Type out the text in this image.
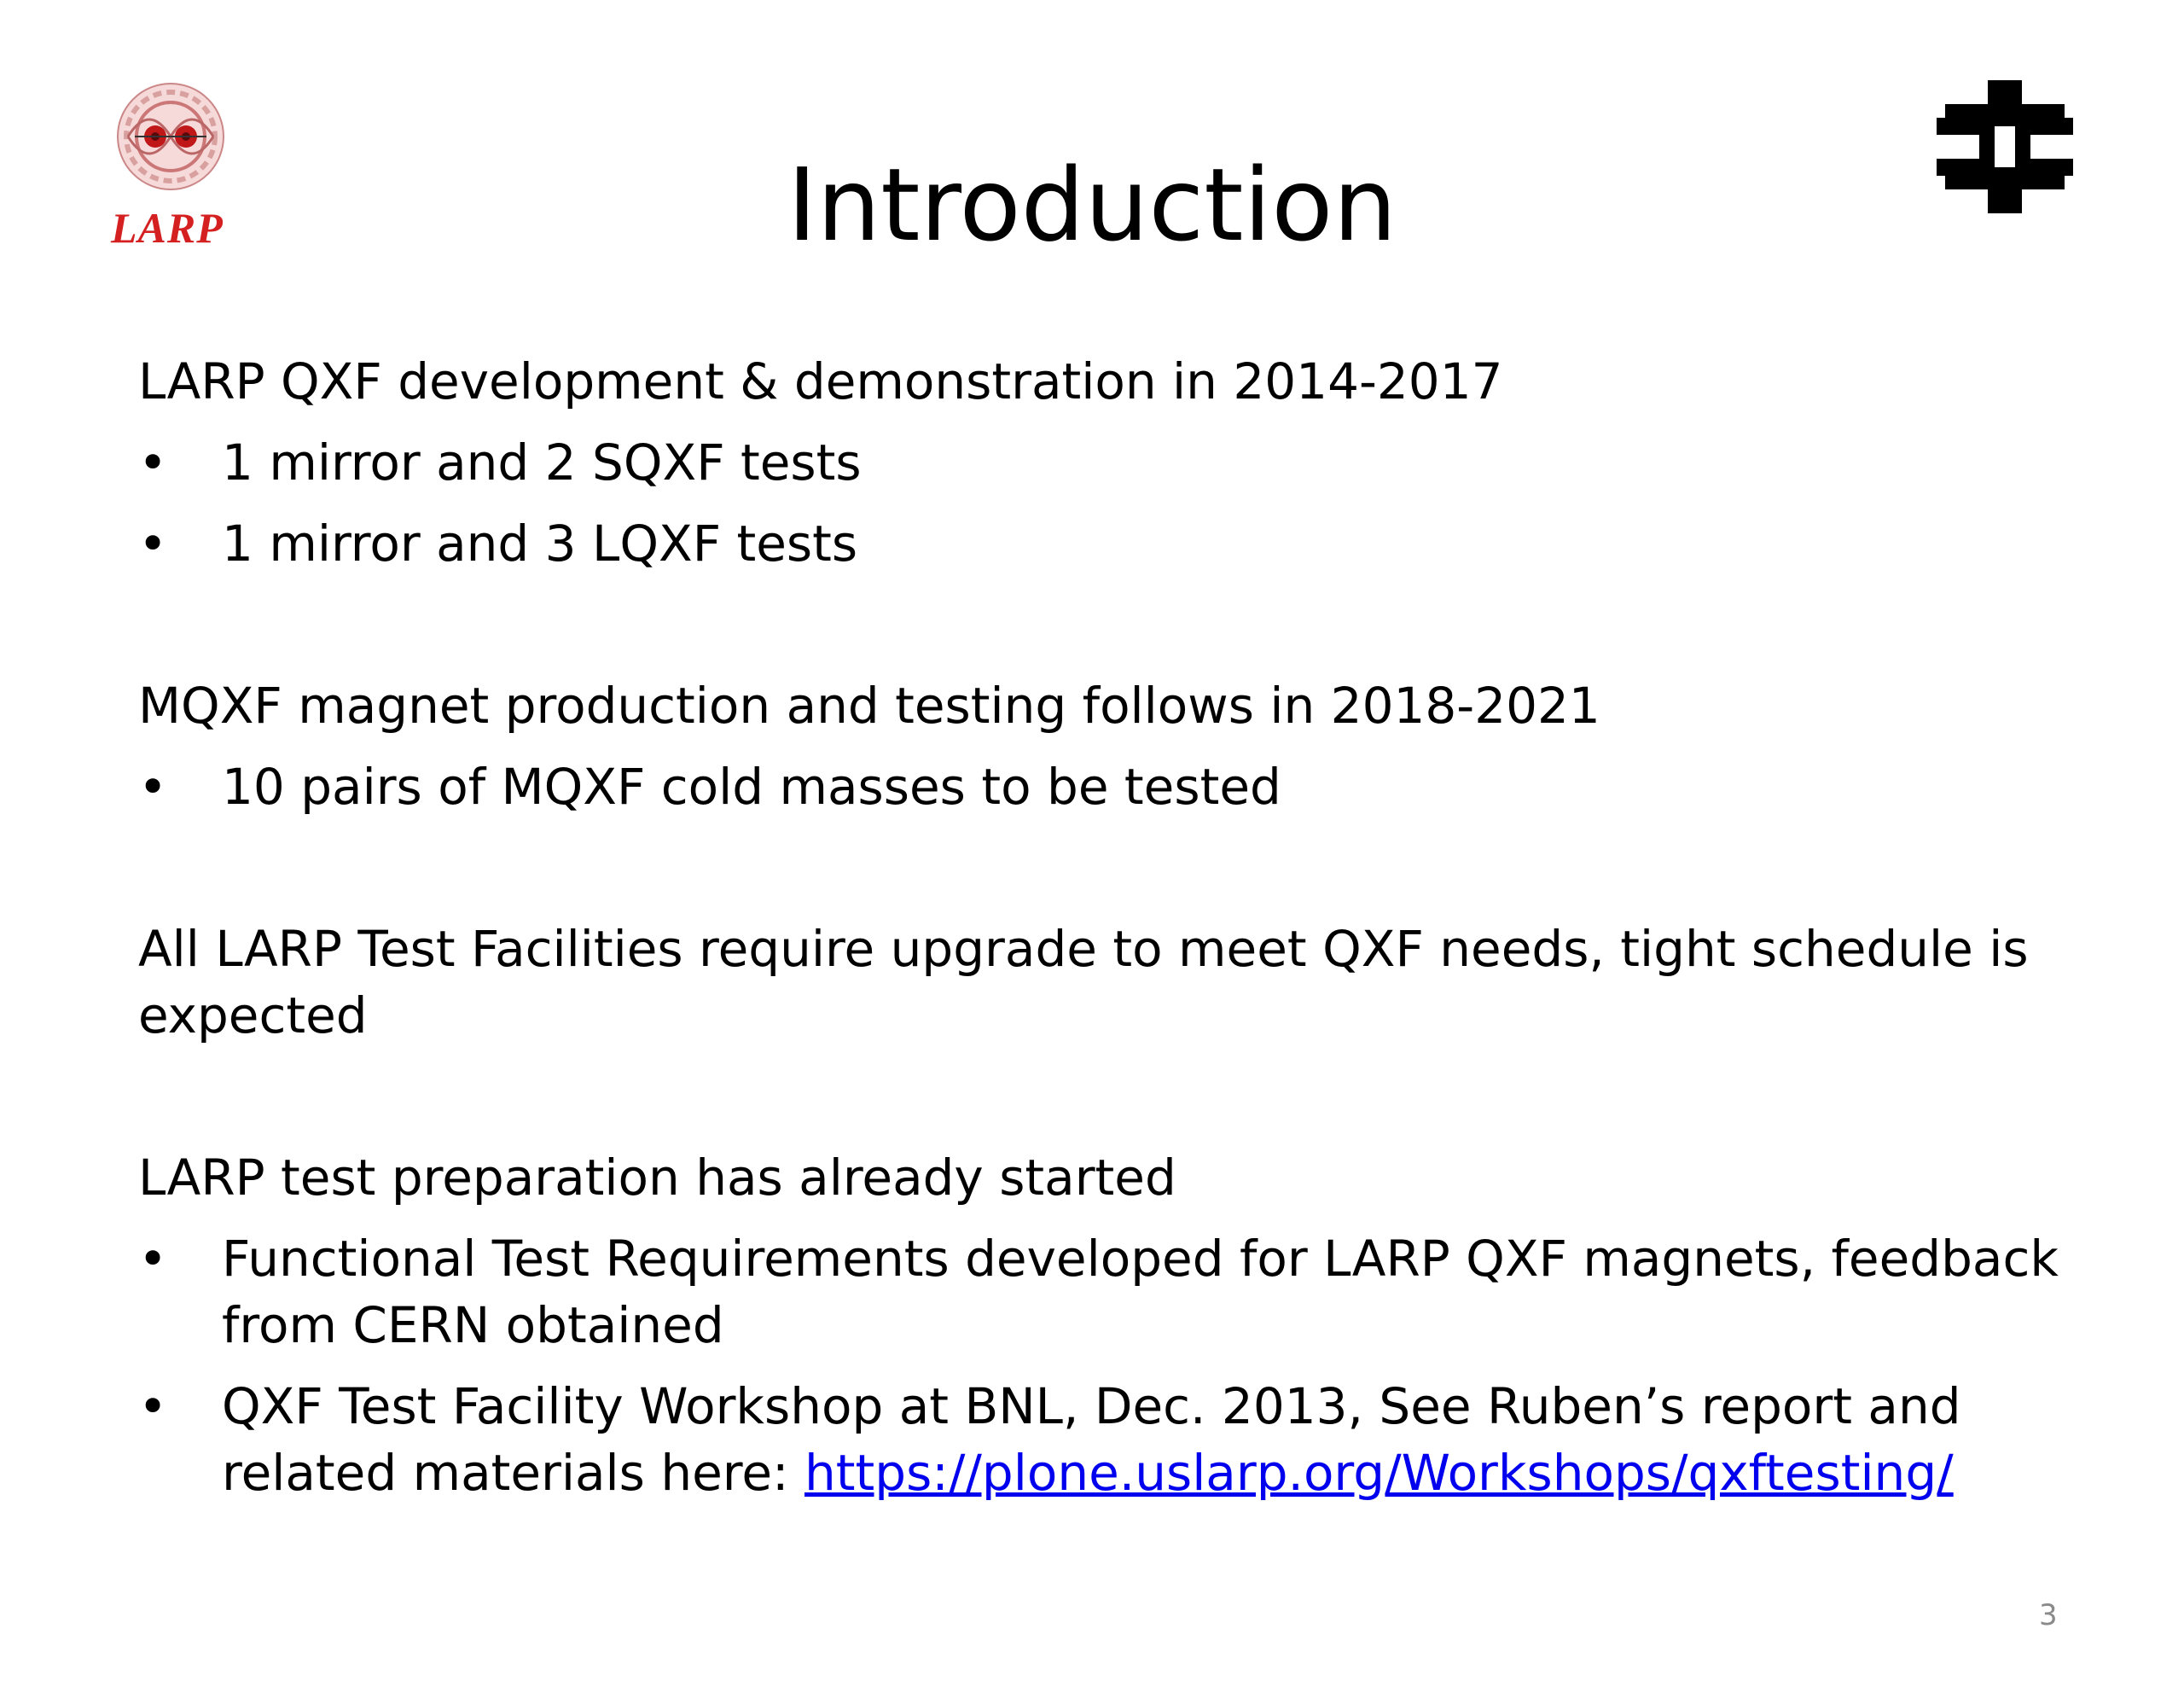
LARP	Introduction

LARP QXF development & demonstration in 2014-2017

• 1 mirror and 2 SQXF tests
• 1 mirror and 3 LQXF tests

MQXF magnet production and testing follows in 2018-2021

• 10 pairs of MQXF cold masses to be tested

All LARP Test Facilities require upgrade to meet QXF needs, tight schedule is expected

LARP test preparation has already started

• Functional Test Requirements developed for LARP QXF magnets, feedback from CERN obtained
• QXF Test Facility Workshop at BNL, Dec. 2013, See Ruben’s report and related materials here: https://plone.uslarp.org/Workshops/qxftesting/
3
